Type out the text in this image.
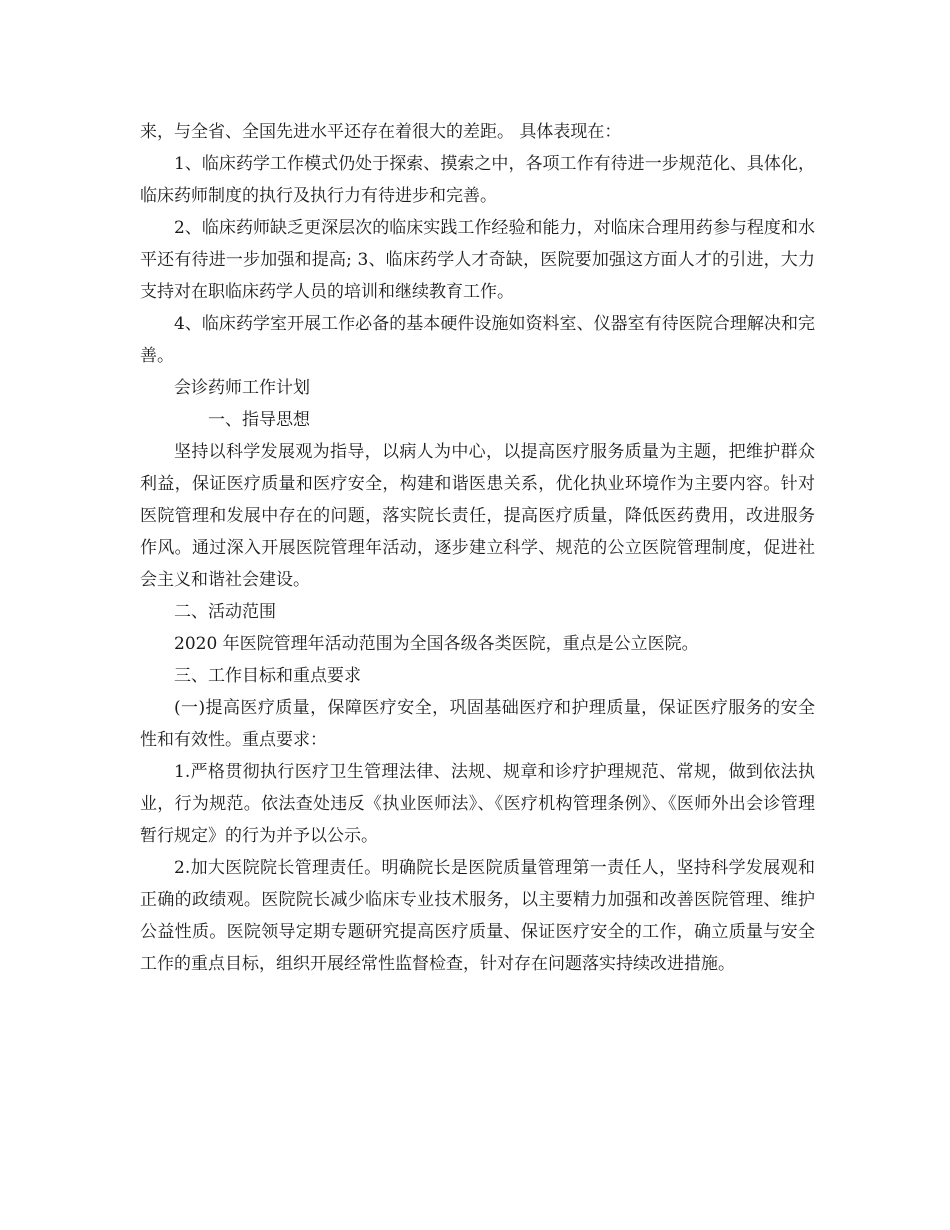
来，与全省、全国先进水平还存在着很大的差距。 具体表现在：

1、临床药学工作模式仍处于探索、摸索之中，各项工作有待进一步规范化、具体化，临床药师制度的执行及执行力有待进步和完善。

2、临床药师缺乏更深层次的临床实践工作经验和能力，对临床合理用药参与程度和水平还有待进一步加强和提高; 3、临床药学人才奇缺，医院要加强这方面人才的引进，大力支持对在职临床药学人员的培训和继续教育工作。

4、临床药学室开展工作必备的基本硬件设施如资料室、仪器室有待医院合理解决和完善。

会诊药师工作计划

一、指导思想

坚持以科学发展观为指导，以病人为中心，以提高医疗服务质量为主题，把维护群众利益，保证医疗质量和医疗安全，构建和谐医患关系，优化执业环境作为主要内容。针对医院管理和发展中存在的问题，落实院长责任，提高医疗质量，降低医药费用，改进服务作风。通过深入开展医院管理年活动，逐步建立科学、规范的公立医院管理制度，促进社会主义和谐社会建设。

二、活动范围

2020 年医院管理年活动范围为全国各级各类医院，重点是公立医院。

三、工作目标和重点要求

(一)提高医疗质量，保障医疗安全，巩固基础医疗和护理质量，保证医疗服务的安全性和有效性。重点要求：

1.严格贯彻执行医疗卫生管理法律、法规、规章和诊疗护理规范、常规，做到依法执业，行为规范。依法查处违反《执业医师法》、《医疗机构管理条例》、《医师外出会诊管理暂行规定》的行为并予以公示。

2.加大医院院长管理责任。明确院长是医院质量管理第一责任人，坚持科学发展观和正确的政绩观。医院院长减少临床专业技术服务，以主要精力加强和改善医院管理、维护公益性质。医院领导定期专题研究提高医疗质量、保证医疗安全的工作，确立质量与安全工作的重点目标，组织开展经常性监督检查，针对存在问题落实持续改进措施。
